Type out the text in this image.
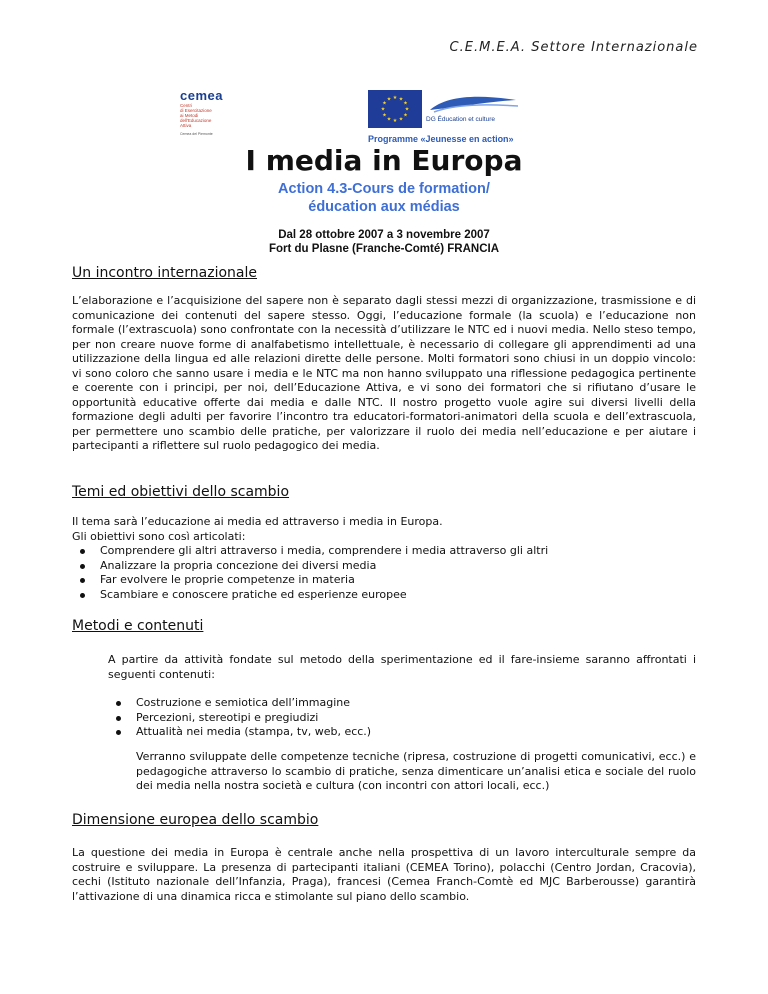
C.E.M.E.A. Settore Internazionale
cemea
Centri
di Esercitazione
ai Metodi
dell'Educazione
Attiva
Cemea del Piemonte
★ ★
★
★
★
★
★
★
★
★
★
★
DG Éducation et culture
Programme «Jeunesse en action»
I media in Europa
Action 4.3-Cours de formation/
éducation aux médias
Dal 28 ottobre 2007 a 3 novembre 2007
Fort du Plasne (Franche-Comté) FRANCIA
Un incontro internazionale
L’elaborazione e l’acquisizione del sapere non è separato dagli stessi mezzi di organizzazione, trasmissione e di comunicazione dei contenuti del sapere stesso. Oggi, l’educazione formale (la scuola) e l’educazione non formale (l’extrascuola) sono confrontate con la necessità d’utilizzare le NTC ed i nuovi media. Nello steso tempo, per non creare nuove forme di analfabetismo intellettuale, è necessario di collegare gli apprendimenti ad una utilizzazione della lingua ed alle relazioni dirette delle persone. Molti formatori sono chiusi in un doppio vincolo: vi sono coloro che sanno usare i media e le NTC ma non hanno sviluppato una riflessione pedagogica pertinente e coerente con i principi, per noi, dell’Educazione Attiva, e vi sono dei formatori che si rifiutano d’usare le opportunità educative offerte dai media e dalle NTC. Il nostro progetto vuole agire sui diversi livelli della formazione degli adulti per favorire l’incontro tra educatori-formatori-animatori della scuola e dell’extrascuola, per permettere uno scambio delle pratiche, per valorizzare il ruolo dei media nell’educazione e per aiutare i partecipanti a riflettere sul ruolo pedagogico dei media.
Temi ed obiettivi dello scambio
Il tema sarà l’educazione ai media ed attraverso i media in Europa.
Gli obiettivi sono così articolati:
Comprendere gli altri attraverso i media, comprendere i media attraverso gli altri
Analizzare la propria concezione dei diversi media
Far evolvere le proprie competenze in materia
Scambiare e conoscere pratiche ed esperienze europee
Metodi e contenuti
A partire da attività fondate sul metodo della sperimentazione ed il fare-insieme saranno affrontati i seguenti contenuti:
Costruzione e semiotica dell’immagine
Percezioni, stereotipi e pregiudizi
Attualità nei media (stampa, tv, web, ecc.)
Verranno sviluppate delle competenze tecniche (ripresa, costruzione di progetti comunicativi, ecc.) e pedagogiche attraverso lo scambio di pratiche, senza dimenticare un’analisi etica e sociale del ruolo dei media nella nostra società e cultura (con incontri con attori locali, ecc.)
Dimensione europea dello scambio
La questione dei media in Europa è centrale anche nella prospettiva di un lavoro interculturale sempre da costruire e sviluppare. La presenza di partecipanti italiani (CEMEA Torino), polacchi (Centro Jordan, Cracovia), cechi (Istituto nazionale dell’Infanzia, Praga), francesi (Cemea Franch-Comtè ed MJC Barberousse) garantirà l’attivazione di una dinamica ricca e stimolante sul piano dello scambio.
